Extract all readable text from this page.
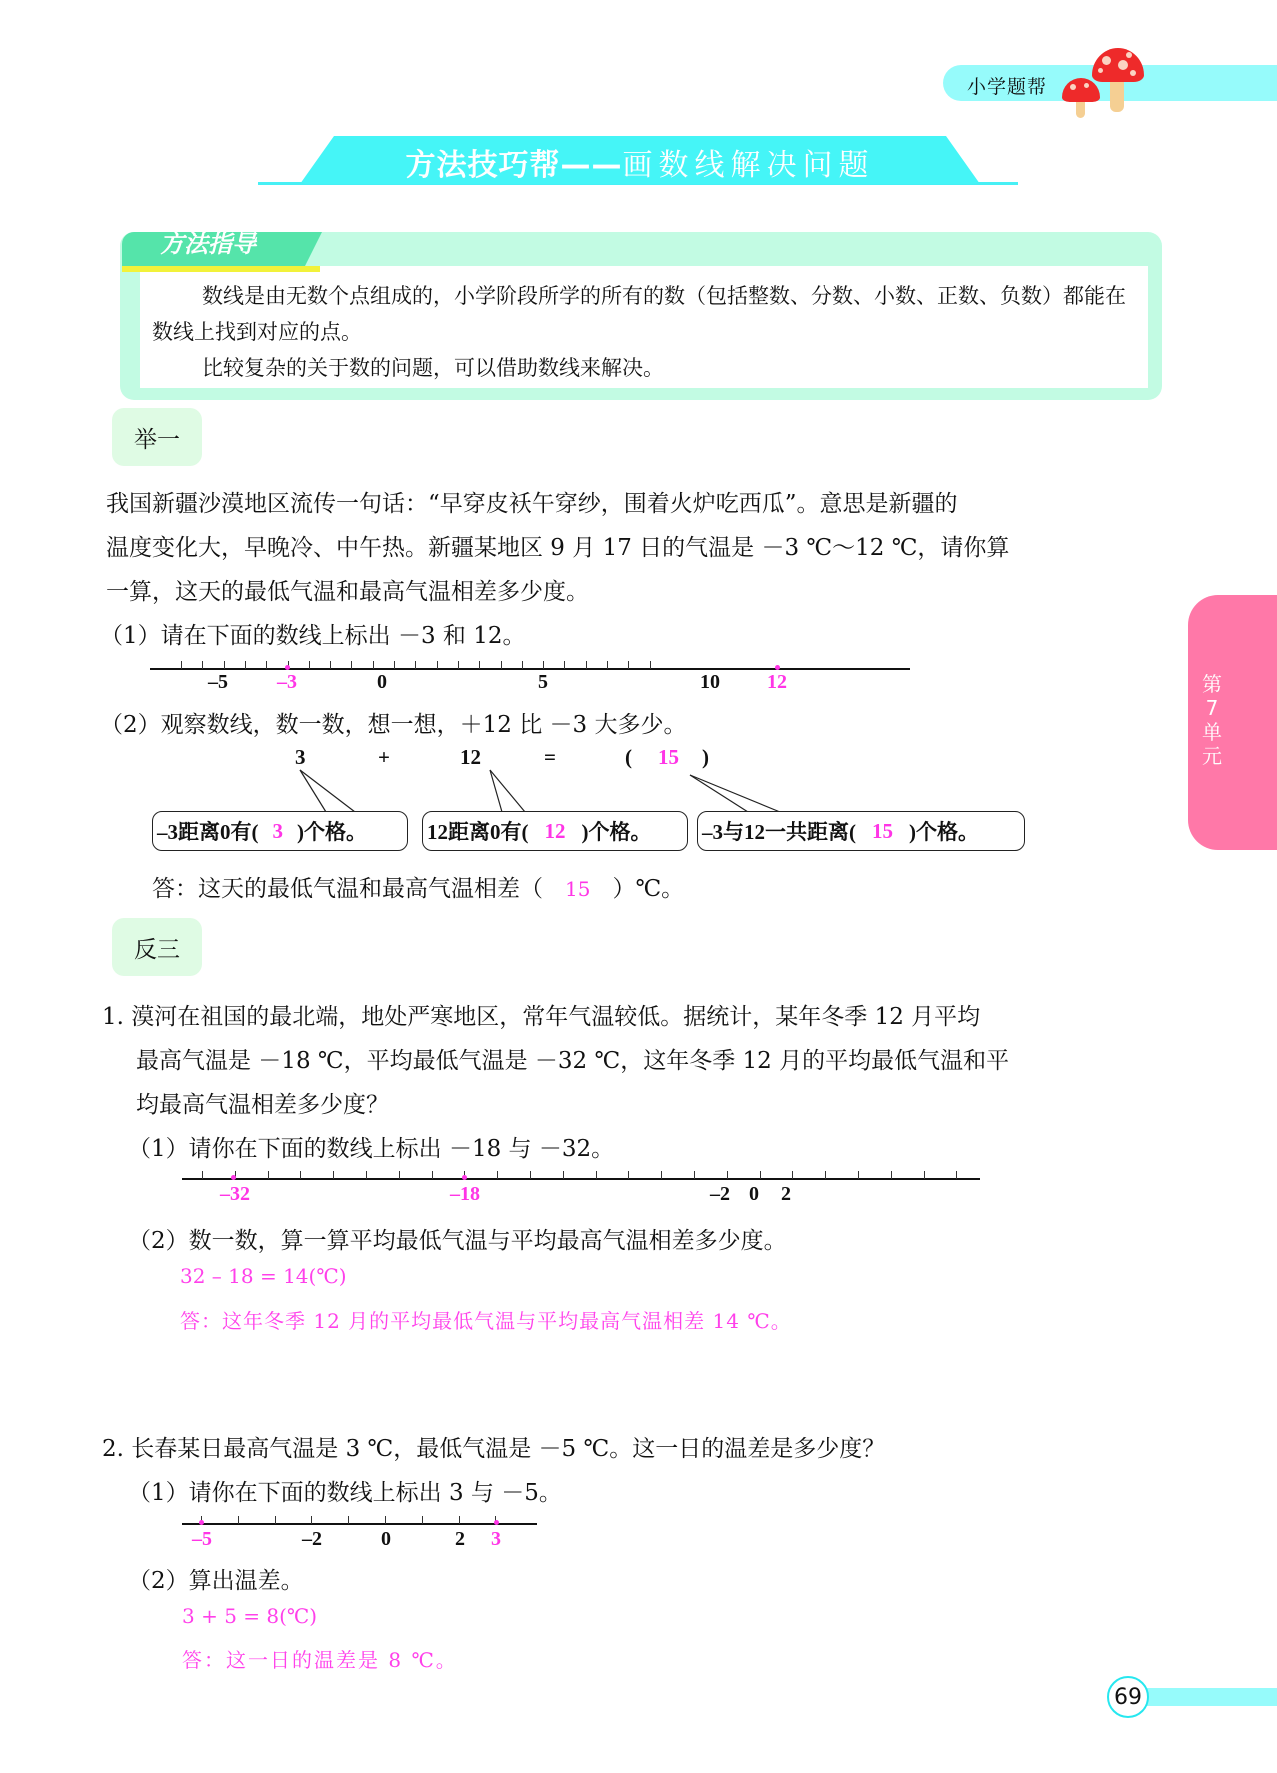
小学题帮
方法技巧帮——画数线解决问题
方法指导
数线是由无数个点组成的，小学阶段所学的所有的数（包括整数、分数、小数、正数、负数）都能在数线上找到对应的点。
比较复杂的关于数的问题，可以借助数线来解决。
举一
我国新疆沙漠地区流传一句话：“早穿皮袄午穿纱，围着火炉吃西瓜”。意思是新疆的
温度变化大，早晚冷、中午热。新疆某地区 9 月 17 日的气温是 －3 ℃～12 ℃，请你算
一算，这天的最低气温和最高气温相差多少度。
（1）请在下面的数线上标出 －3 和 12。
–5 –3	0	5	10 12
（2）观察数线，数一数，想一想，＋12 比 －3 大多少。
3	+	12	=	( 15 )
–3距离0有( 3 )个格。	12距离0有( 12 )个格。 –3与12一共距离( 15 )个格。
答：这天的最低气温和最高气温相差（ 15 ）℃。
反三
1. 漠河在祖国的最北端，地处严寒地区，常年气温较低。据统计，某年冬季 12 月平均
最高气温是 －18 ℃，平均最低气温是 －32 ℃，这年冬季 12 月的平均最低气温和平
均最高气温相差多少度？
（1）请你在下面的数线上标出 －18 与 －32。
–32	–18	–2 0 2
（2）数一数，算一算平均最低气温与平均最高气温相差多少度。
32 – 18 = 14(℃)
答：这年冬季 12 月的平均最低气温与平均最高气温相差 14 ℃。
2. 长春某日最高气温是 3 ℃，最低气温是 －5 ℃。这一日的温差是多少度？
（1）请你在下面的数线上标出 3 与 －5。
–5	–2	0	2 3
（2）算出温差。
3 + 5 = 8(℃)
答：这一日的温差是 8 ℃。
第
7
单
元
69
